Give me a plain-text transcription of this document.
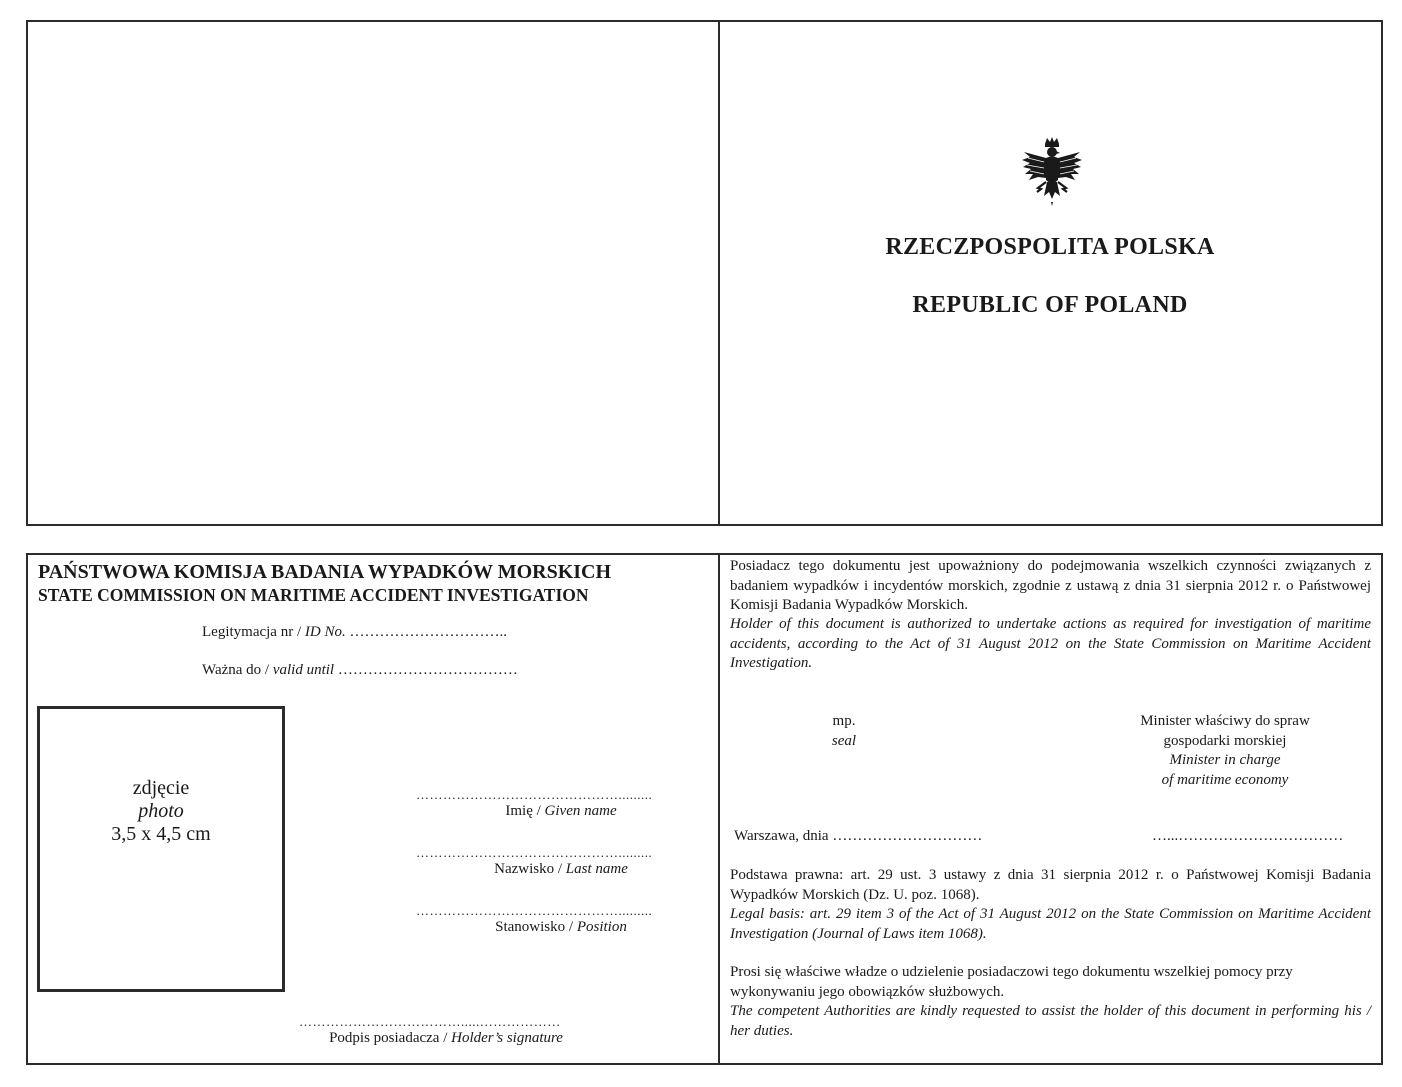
RZECZPOSPOLITA POLSKA
REPUBLIC OF POLAND
PAŃSTWOWA KOMISJA BADANIA WYPADKÓW MORSKICH
STATE COMMISSION ON MARITIME ACCIDENT INVESTIGATION
Legitymacja nr / ID No. …………………………..
Ważna do / valid until ………………………………
zdjęcie
photo
3,5 x 4,5 cm
……………………………………….........
Imię / Given name
……………………………………….........
Nazwisko / Last name
……………………………………….........
Stanowisko / Position
……………………………….....………………
Podpis posiadacza / Holder’s signature
Posiadacz tego dokumentu jest upoważniony do podejmowania wszelkich czynności związanych z badaniem wypadków i incydentów morskich, zgodnie z ustawą z dnia 31 sierpnia 2012 r. o Państwowej Komisji Badania Wypadków Morskich.
Holder of this document is authorized to undertake actions as required for investigation of maritime accidents, according to the Act of 31 August 2012 on the State Commission on Maritime Accident Investigation.
mp.
seal
Minister właściwy do spraw
gospodarki morskiej
Minister in charge
of maritime economy
Warszawa, dnia …………………………	…...……………………………
Podstawa prawna: art. 29 ust. 3 ustawy z dnia 31 sierpnia 2012 r. o Państwowej Komisji Badania Wypadków Morskich (Dz. U. poz. 1068).
Legal basis: art. 29 item 3 of the Act of 31 August 2012 on the State Commission on Maritime Accident Investigation (Journal of Laws item 1068).
Prosi się właściwe władze o udzielenie posiadaczowi tego dokumentu wszelkiej pomocy przy wykonywaniu jego obowiązków służbowych.
The competent Authorities are kindly requested to assist the holder of this document in performing his / her duties.
